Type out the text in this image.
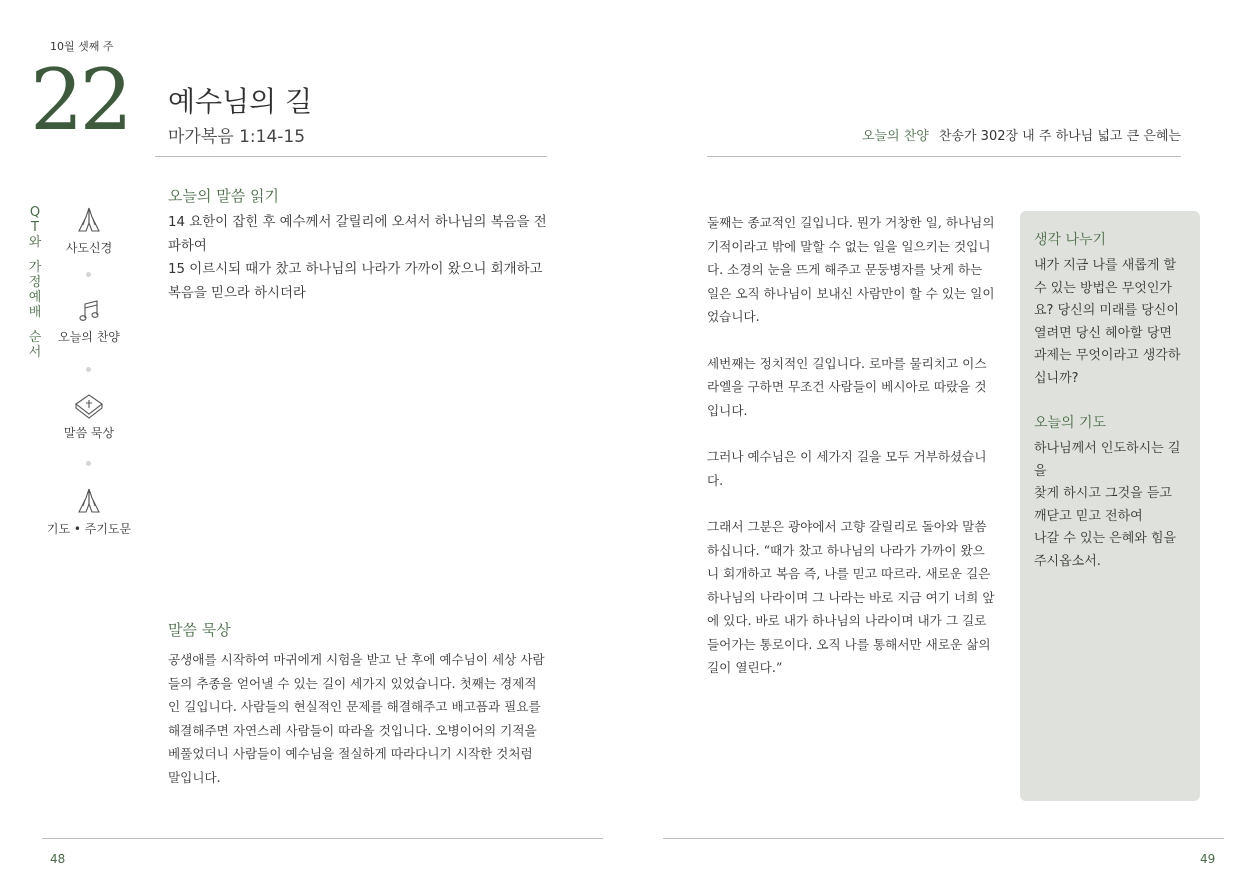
10월 셋째 주
22 예수님의 길
마가복음 1:14-15	오늘의 찬양 찬송가 302장 내 주 하나님 넓고 큰 은혜는
Q
T
와
가
정
예
배
순
서
사도신경
오늘의 찬양
말씀 묵상
기도 • 주기도문
오늘의 말씀 읽기

14 요한이 잡힌 후 예수께서 갈릴리에 오셔서 하나님의 복음을 전파하여

15 이르시되 때가 찼고 하나님의 나라가 가까이 왔으니 회개하고 복음을 믿으라 하시더라

말씀 묵상
공생애를 시작하여 마귀에게 시험을 받고 난 후에 예수님이 세상 사람들의 추종을 얻어낼 수 있는 길이 세가지 있었습니다. 첫째는 경제적인 길입니다. 사람들의 현실적인 문제를 해결해주고 배고픔과 필요를 해결해주면 자연스레 사람들이 따라올 것입니다. 오병이어의 기적을 베풀었더니 사람들이 예수님을 절실하게 따라다니기 시작한 것처럼 말입니다.

둘째는 종교적인 길입니다. 뭔가 거창한 일, 하나님의 기적이라고 밖에 말할 수 없는 일을 일으키는 것입니다. 소경의 눈을 뜨게 해주고 문둥병자를 낫게 하는 일은 오직 하나님이 보내신 사람만이 할 수 있는 일이었습니다.

세번째는 정치적인 길입니다. 로마를 물리치고 이스라엘을 구하면 무조건 사람들이 베시아로 따랐을 것입니다.

그러나 예수님은 이 세가지 길을 모두 거부하셨습니다.

그래서 그분은 광야에서 고향 갈릴리로 돌아와 말씀하십니다. “때가 찼고 하나님의 나라가 가까이 왔으니 회개하고 복음 즉, 나를 믿고 따르라. 새로운 길은 하나님의 나라이며 그 나라는 바로 지금 여기 너희 앞에 있다. 바로 내가 하나님의 나라이며 내가 그 길로 들어가는 통로이다. 오직 나를 통해서만 새로운 삶의 길이 열린다.”

생각 나누기
내가 지금 나를 새롭게 할 수 있는 방법은 무엇인가요? 당신의 미래를 당신이 열려면 당신 헤아할 당면 과제는 무엇이라고 생각하십니까?
오늘의 기도
하나님께서 인도하시는 길을
찾게 하시고 그것을 듣고
깨닫고 믿고 전하여
나갈 수 있는 은혜와 힘을
주시옵소서.
48	49
